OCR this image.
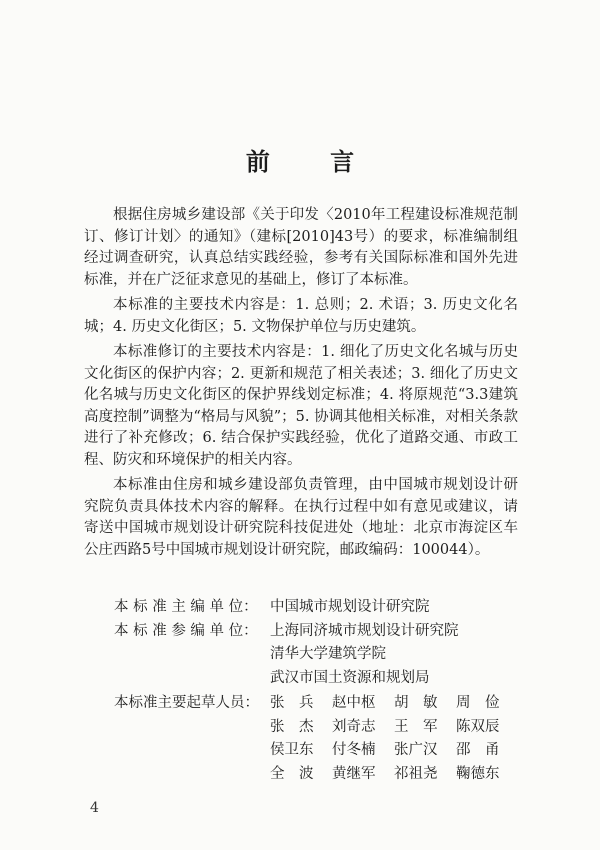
前 言

根据住房城乡建设部《关于印发〈2010年工程建设标准规范制订、修订计划〉的通知》（建标[2010]43号）的要求，标准编制组经过调查研究，认真总结实践经验，参考有关国际标准和国外先进标准，并在广泛征求意见的基础上，修订了本标准。

本标准的主要技术内容是：1. 总则；2. 术语；3. 历史文化名城；4. 历史文化街区；5. 文物保护单位与历史建筑。

本标准修订的主要技术内容是：1. 细化了历史文化名城与历史文化街区的保护内容；2. 更新和规范了相关表述；3. 细化了历史文化名城与历史文化街区的保护界线划定标准；4. 将原规范“3.3建筑高度控制”调整为“格局与风貌”；5. 协调其他相关标准，对相关条款进行了补充修改；6. 结合保护实践经验，优化了道路交通、市政工程、防灾和环境保护的相关内容。

本标准由住房和城乡建设部负责管理，由中国城市规划设计研究院负责具体技术内容的解释。在执行过程中如有意见或建议，请寄送中国城市规划设计研究院科技促进处（地址：北京市海淀区车公庄西路5号中国城市规划设计研究院，邮政编码：100044）。

本 标 准 主 编 单 位： 中国城市规划设计研究院
本 标 准 参 编 单 位： 上海同济城市规划设计研究院
清华大学建筑学院
武汉市国土资源和规划局
本标准主要起草人员： 张　兵	赵中枢	胡　敏	周　俭
张　杰	刘奇志	王　军	陈双辰
侯卫东	付冬楠	张广汉	邵　甬
全　波	黄继军	祁祖尧	鞠德东
4
